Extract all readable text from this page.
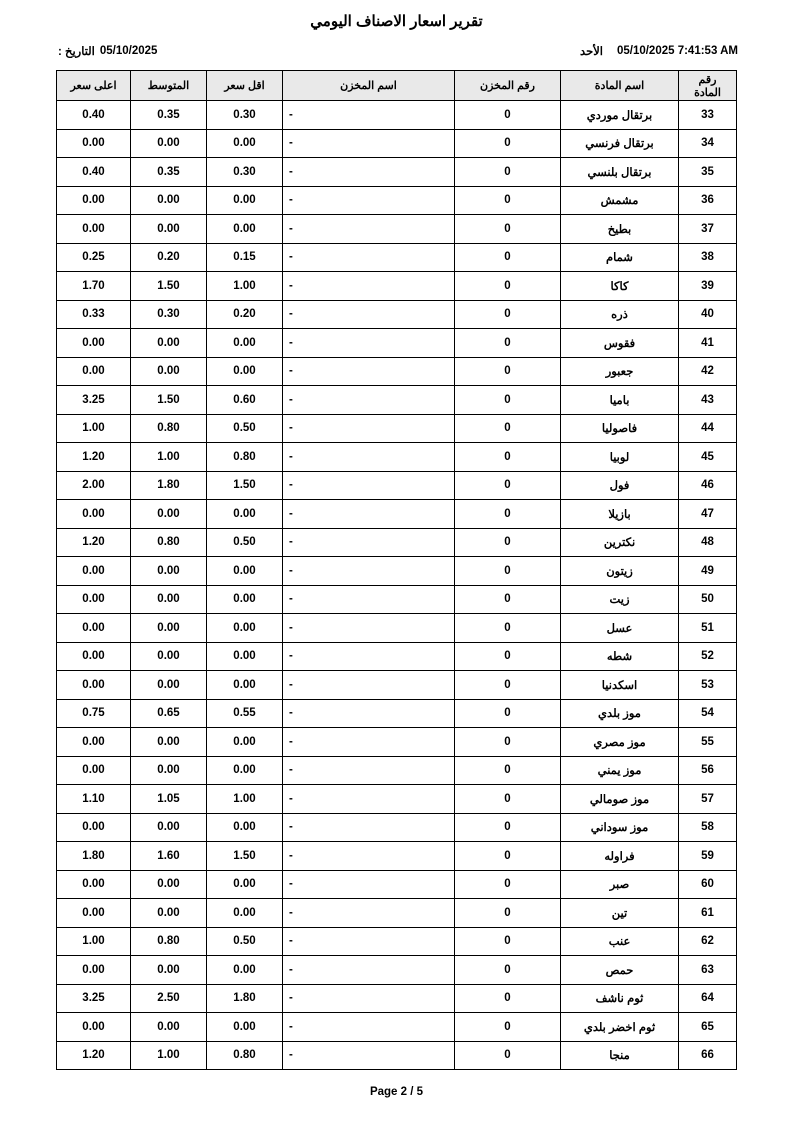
تقرير اسعار الاصناف اليومي
05/10/2025 7:41:53 AM
الأحد
05/10/2025
التاريخ :
رقم المادة	اسم المادة	رقم المخزن	اسم المخزن	اقل سعر	المتوسط	اعلى سعر
33	برتقال موردي	0	-	0.30	0.35	0.40
34	برتقال فرنسي	0	-	0.00	0.00	0.00
35	برتقال بلنسي	0	-	0.30	0.35	0.40
36	مشمش	0	-	0.00	0.00	0.00
37	بطيخ	0	-	0.00	0.00	0.00
38	شمام	0	-	0.15	0.20	0.25
39	كاكا	0	-	1.00	1.50	1.70
40	ذره	0	-	0.20	0.30	0.33
41	فقوس	0	-	0.00	0.00	0.00
42	جعبور	0	-	0.00	0.00	0.00
43	باميا	0	-	0.60	1.50	3.25
44	فاصوليا	0	-	0.50	0.80	1.00
45	لوبيا	0	-	0.80	1.00	1.20
46	فول	0	-	1.50	1.80	2.00
47	بازيلا	0	-	0.00	0.00	0.00
48	نكترين	0	-	0.50	0.80	1.20
49	زيتون	0	-	0.00	0.00	0.00
50	زيت	0	-	0.00	0.00	0.00
51	عسل	0	-	0.00	0.00	0.00
52	شطه	0	-	0.00	0.00	0.00
53	اسكدنيا	0	-	0.00	0.00	0.00
54	موز بلدي	0	-	0.55	0.65	0.75
55	موز مصري	0	-	0.00	0.00	0.00
56	موز يمني	0	-	0.00	0.00	0.00
57	موز صومالي	0	-	1.00	1.05	1.10
58	موز سوداني	0	-	0.00	0.00	0.00
59	فراوله	0	-	1.50	1.60	1.80
60	صبر	0	-	0.00	0.00	0.00
61	تين	0	-	0.00	0.00	0.00
62	عنب	0	-	0.50	0.80	1.00
63	حمص	0	-	0.00	0.00	0.00
64	ثوم ناشف	0	-	1.80	2.50	3.25
65	ثوم اخضر بلدي	0	-	0.00	0.00	0.00
66	منجا	0	-	0.80	1.00	1.20
Page 2 / 5
